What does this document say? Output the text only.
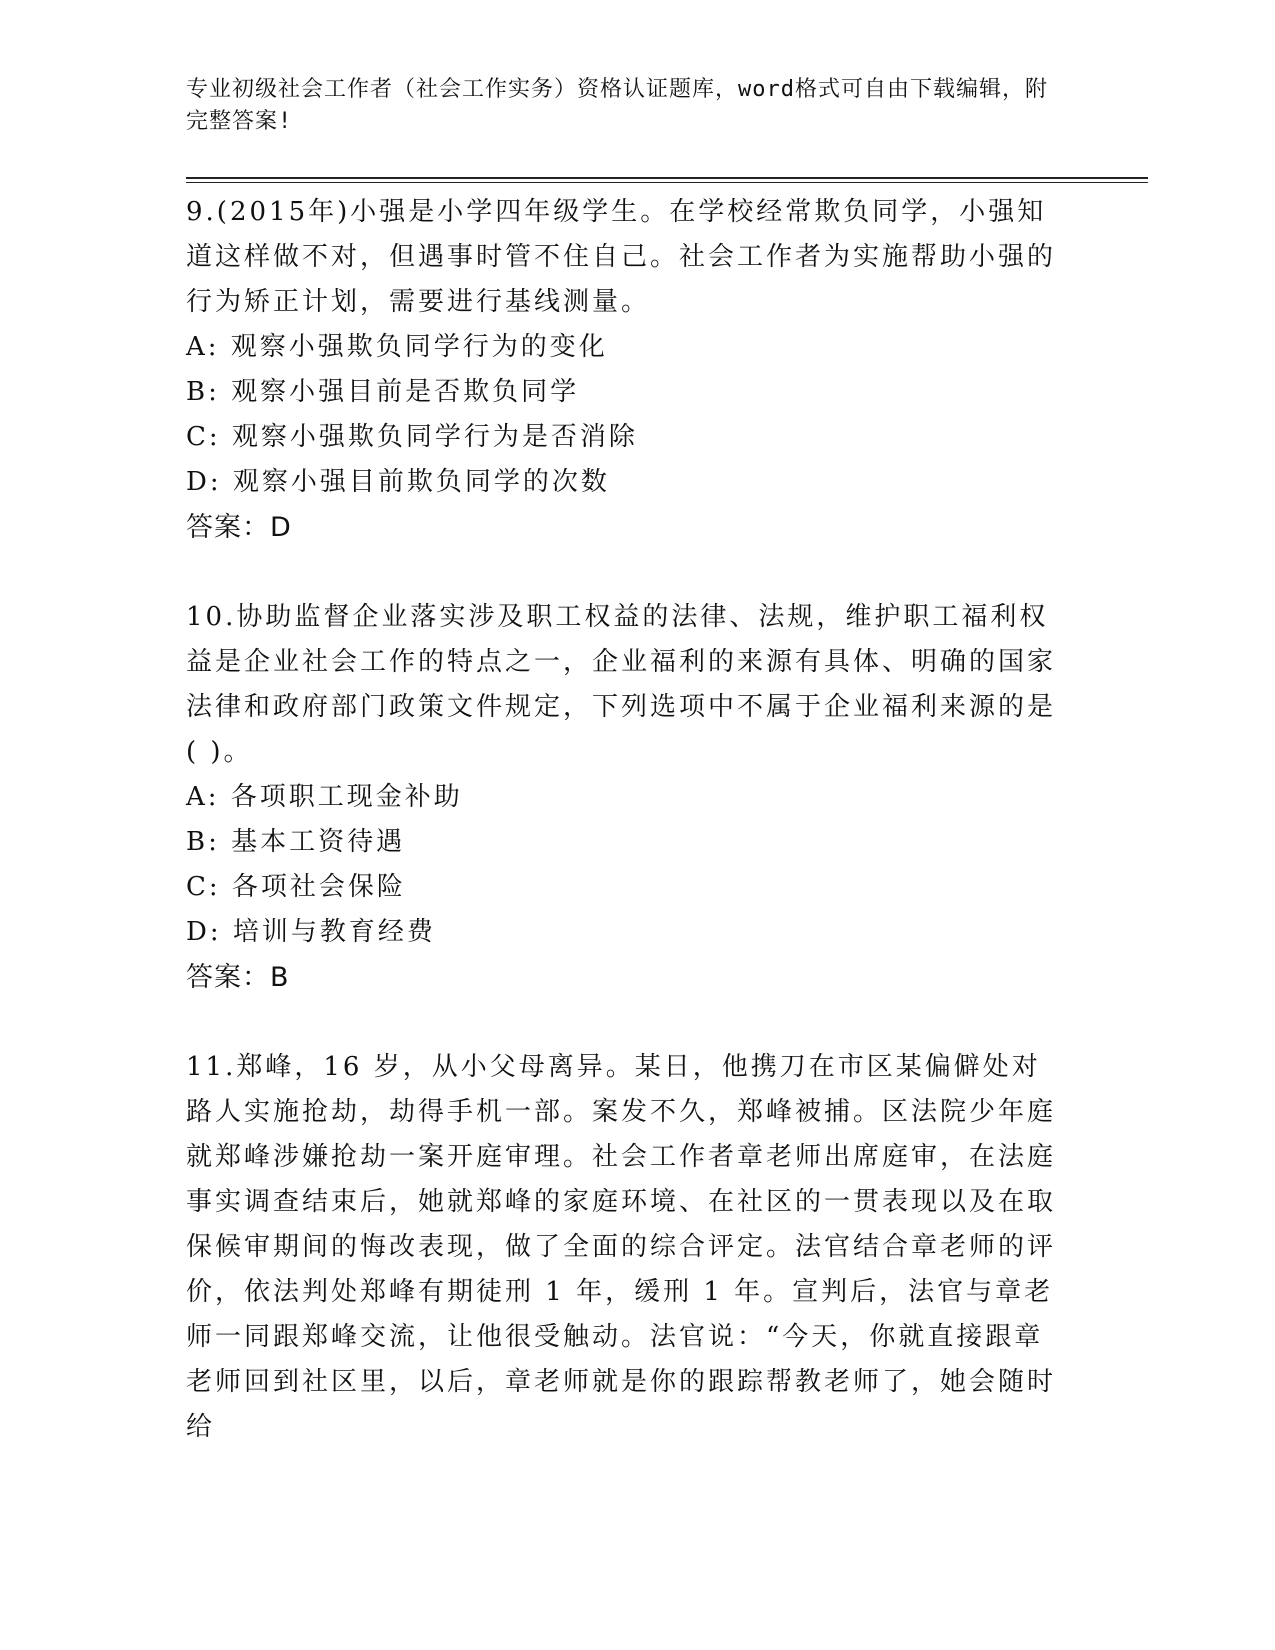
专业初级社会工作者（社会工作实务）资格认证题库，word格式可自由下载编辑，附完整答案!

9.(2015年)小强是小学四年级学生。在学校经常欺负同学，小强知道这样做不对，但遇事时管不住自己。社会工作者为实施帮助小强的行为矫正计划，需要进行基线测量。

A: 观察小强欺负同学行为的变化

B: 观察小强目前是否欺负同学

C: 观察小强欺负同学行为是否消除

D: 观察小强目前欺负同学的次数

答案：D

10.协助监督企业落实涉及职工权益的法律、法规，维护职工福利权益是企业社会工作的特点之一，企业福利的来源有具体、明确的国家法律和政府部门政策文件规定，下列选项中不属于企业福利来源的是( )。

A: 各项职工现金补助

B: 基本工资待遇

C: 各项社会保险

D: 培训与教育经费

答案：B

11.郑峰，16 岁，从小父母离异。某日，他携刀在市区某偏僻处对路人实施抢劫，劫得手机一部。案发不久，郑峰被捕。区法院少年庭就郑峰涉嫌抢劫一案开庭审理。社会工作者章老师出席庭审，在法庭事实调查结束后，她就郑峰的家庭环境、在社区的一贯表现以及在取保候审期间的悔改表现，做了全面的综合评定。法官结合章老师的评价，依法判处郑峰有期徒刑 1 年，缓刑 1 年。宣判后，法官与章老师一同跟郑峰交流，让他很受触动。法官说：“今天，你就直接跟章老师回到社区里，以后，章老师就是你的跟踪帮教老师了，她会随时给
